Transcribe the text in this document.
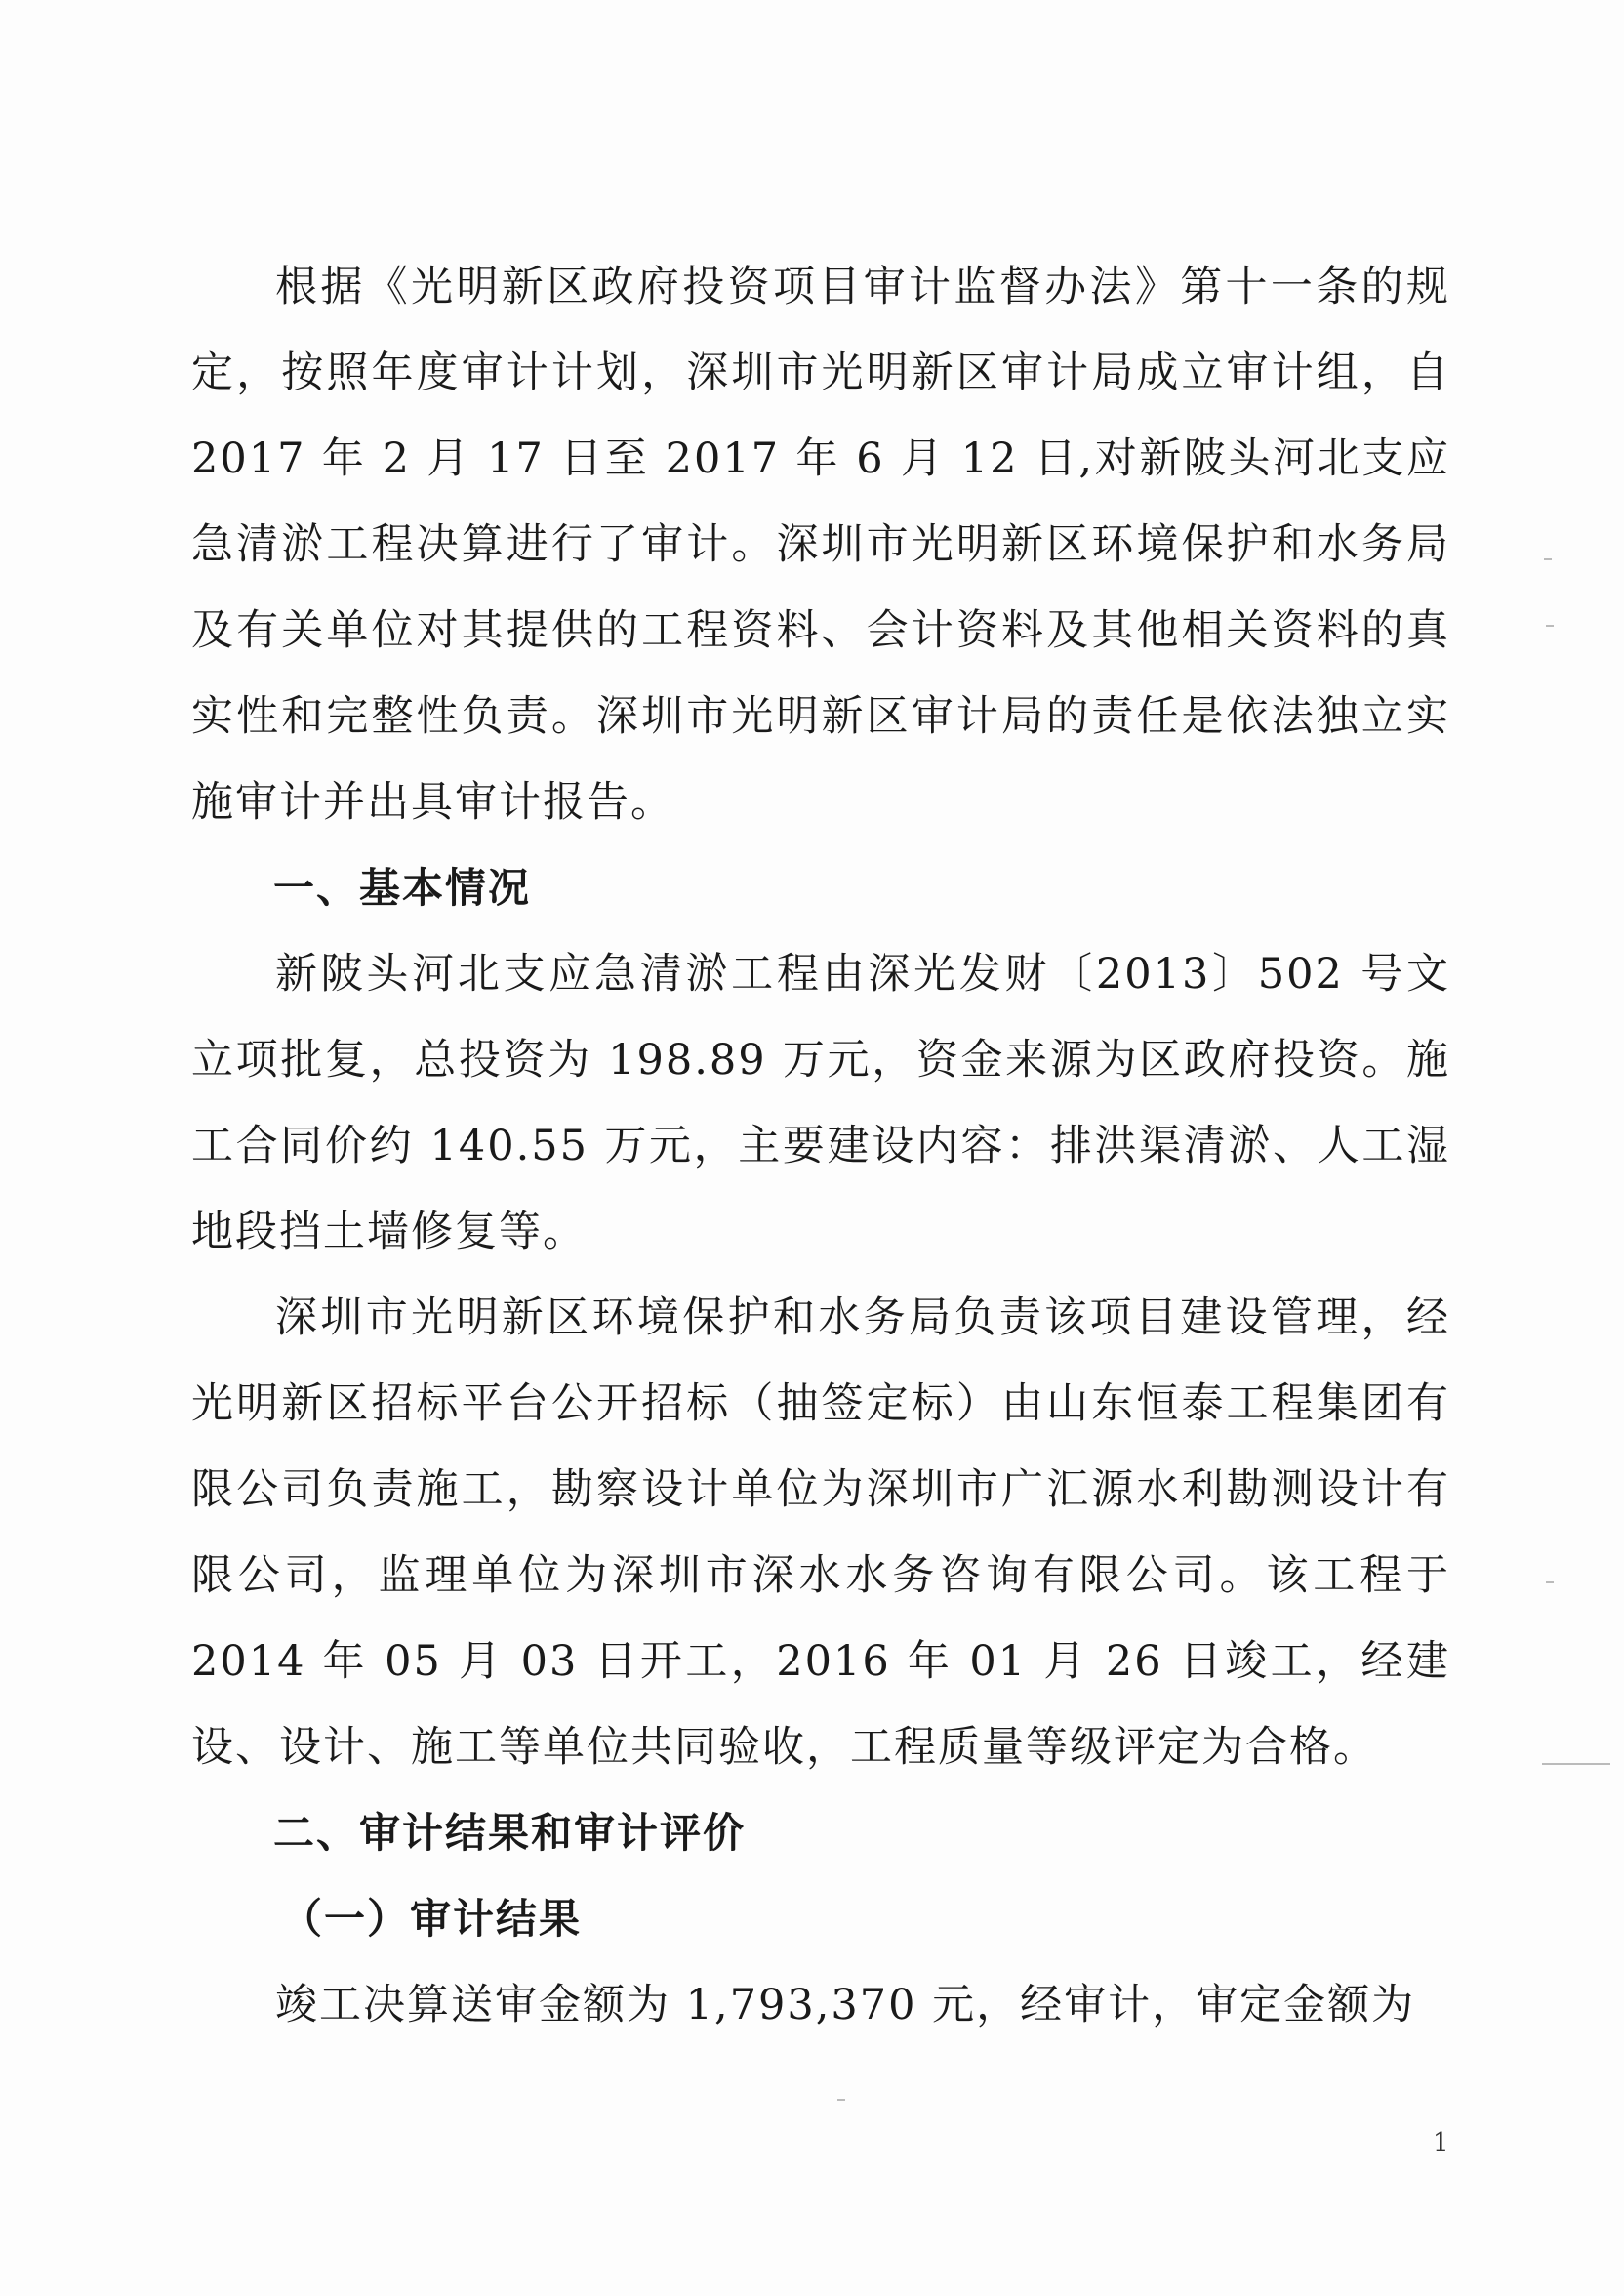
根据《光明新区政府投资项目审计监督办法》第十一条的规定，按照年度审计计划，深圳市光明新区审计局成立审计组，自 2017 年 2 月 17 日至 2017 年 6 月 12 日,对新陂头河北支应急清淤工程决算进行了审计。深圳市光明新区环境保护和水务局及有关单位对其提供的工程资料、会计资料及其他相关资料的真实性和完整性负责。深圳市光明新区审计局的责任是依法独立实施审计并出具审计报告。

一、基本情况

新陂头河北支应急清淤工程由深光发财〔2013〕502 号文立项批复，总投资为 198.89 万元，资金来源为区政府投资。施工合同价约 140.55 万元，主要建设内容：排洪渠清淤、人工湿地段挡土墙修复等。

深圳市光明新区环境保护和水务局负责该项目建设管理，经光明新区招标平台公开招标（抽签定标）由山东恒泰工程集团有限公司负责施工，勘察设计单位为深圳市广汇源水利勘测设计有限公司，监理单位为深圳市深水水务咨询有限公司。该工程于 2014 年 05 月 03 日开工，2016 年 01 月 26 日竣工，经建设、设计、施工等单位共同验收，工程质量等级评定为合格。

二、审计结果和审计评价

（一）审计结果

竣工决算送审金额为 1,793,370 元，经审计，审定金额为

1
